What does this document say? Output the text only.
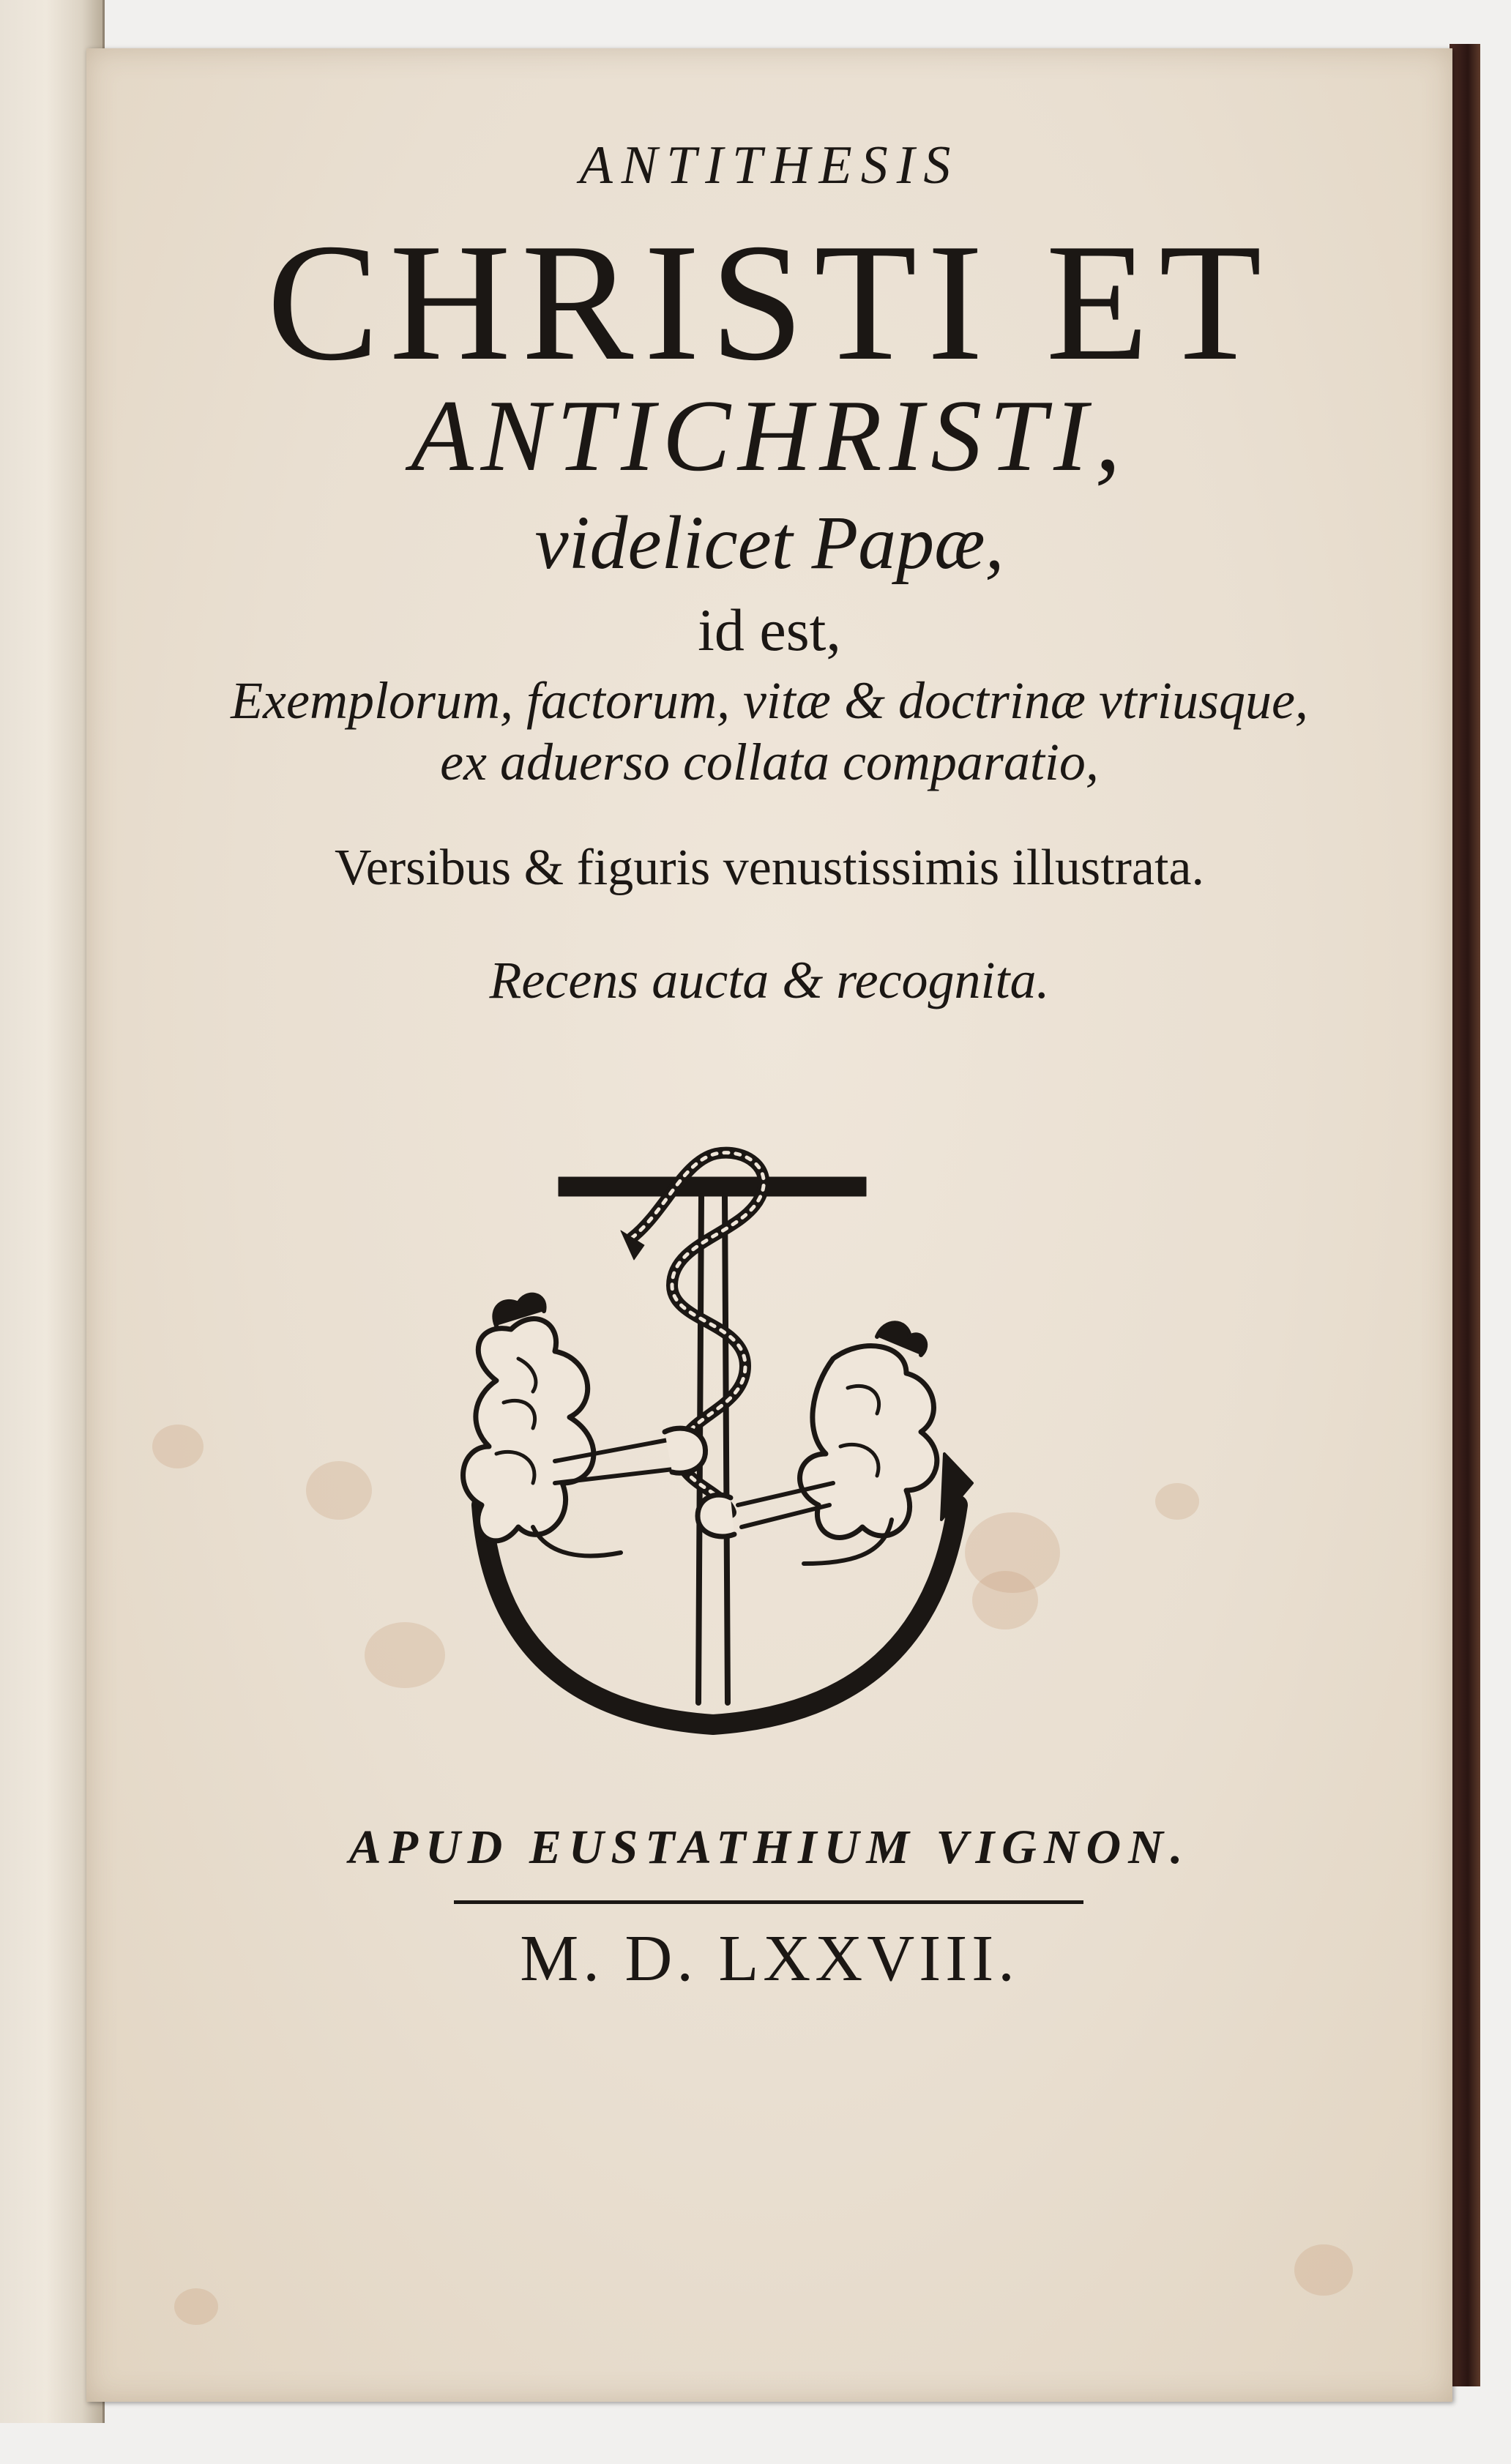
ANTITHESIS

CHRISTI ET

ANTICHRISTI,

videlicet Papæ,

id est,

Exemplorum, factorum, vitæ & doctrinæ vtriusque,

ex aduerso collata comparatio,

Versibus & figuris venustissimis illustrata.

Recens aucta & recognita.

APUD EUSTATHIUM VIGNON.

M. D. LXXVIII.
